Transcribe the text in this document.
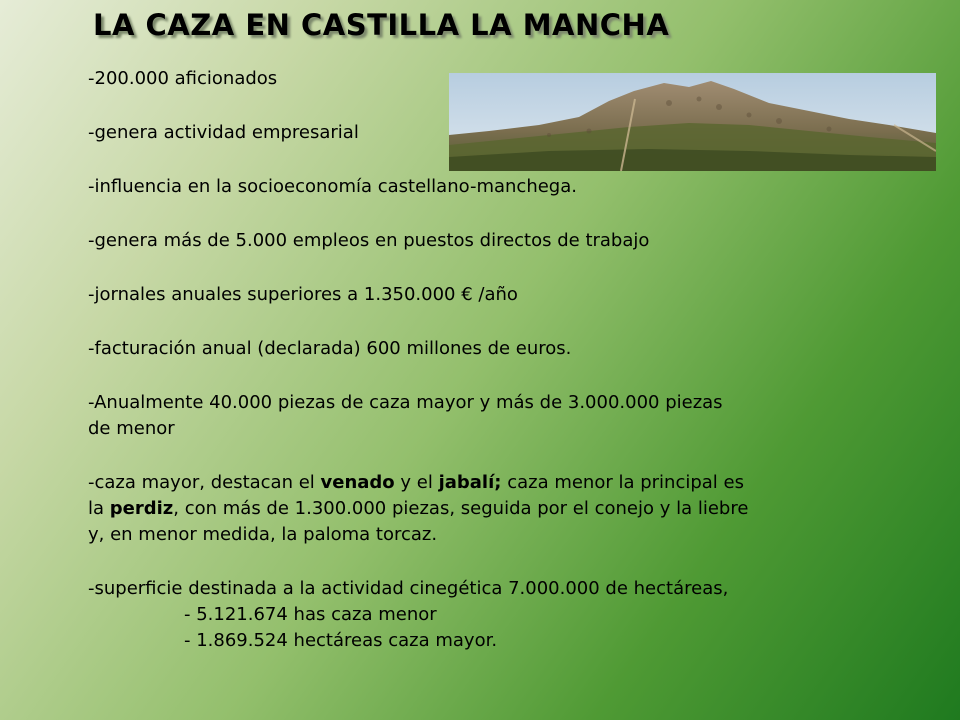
LA CAZA EN CASTILLA LA MANCHA

-200.000 aficionados

-genera actividad empresarial

-influencia en la socioeconomía castellano-manchega.

-genera más de 5.000 empleos en puestos directos de trabajo

-jornales anuales superiores a 1.350.000 € /año

-facturación anual (declarada) 600 millones de euros.

-Anualmente 40.000 piezas de caza mayor y más de 3.000.000 piezas
de menor

-caza mayor, destacan el venado y el jabalí; caza menor la principal es
la perdiz, con más de 1.300.000 piezas, seguida por el conejo y la liebre
y, en menor medida, la paloma torcaz.

-superficie destinada a la actividad cinegética 7.000.000 de hectáreas,
- 5.121.674 has caza menor
- 1.869.524 hectáreas caza mayor.
